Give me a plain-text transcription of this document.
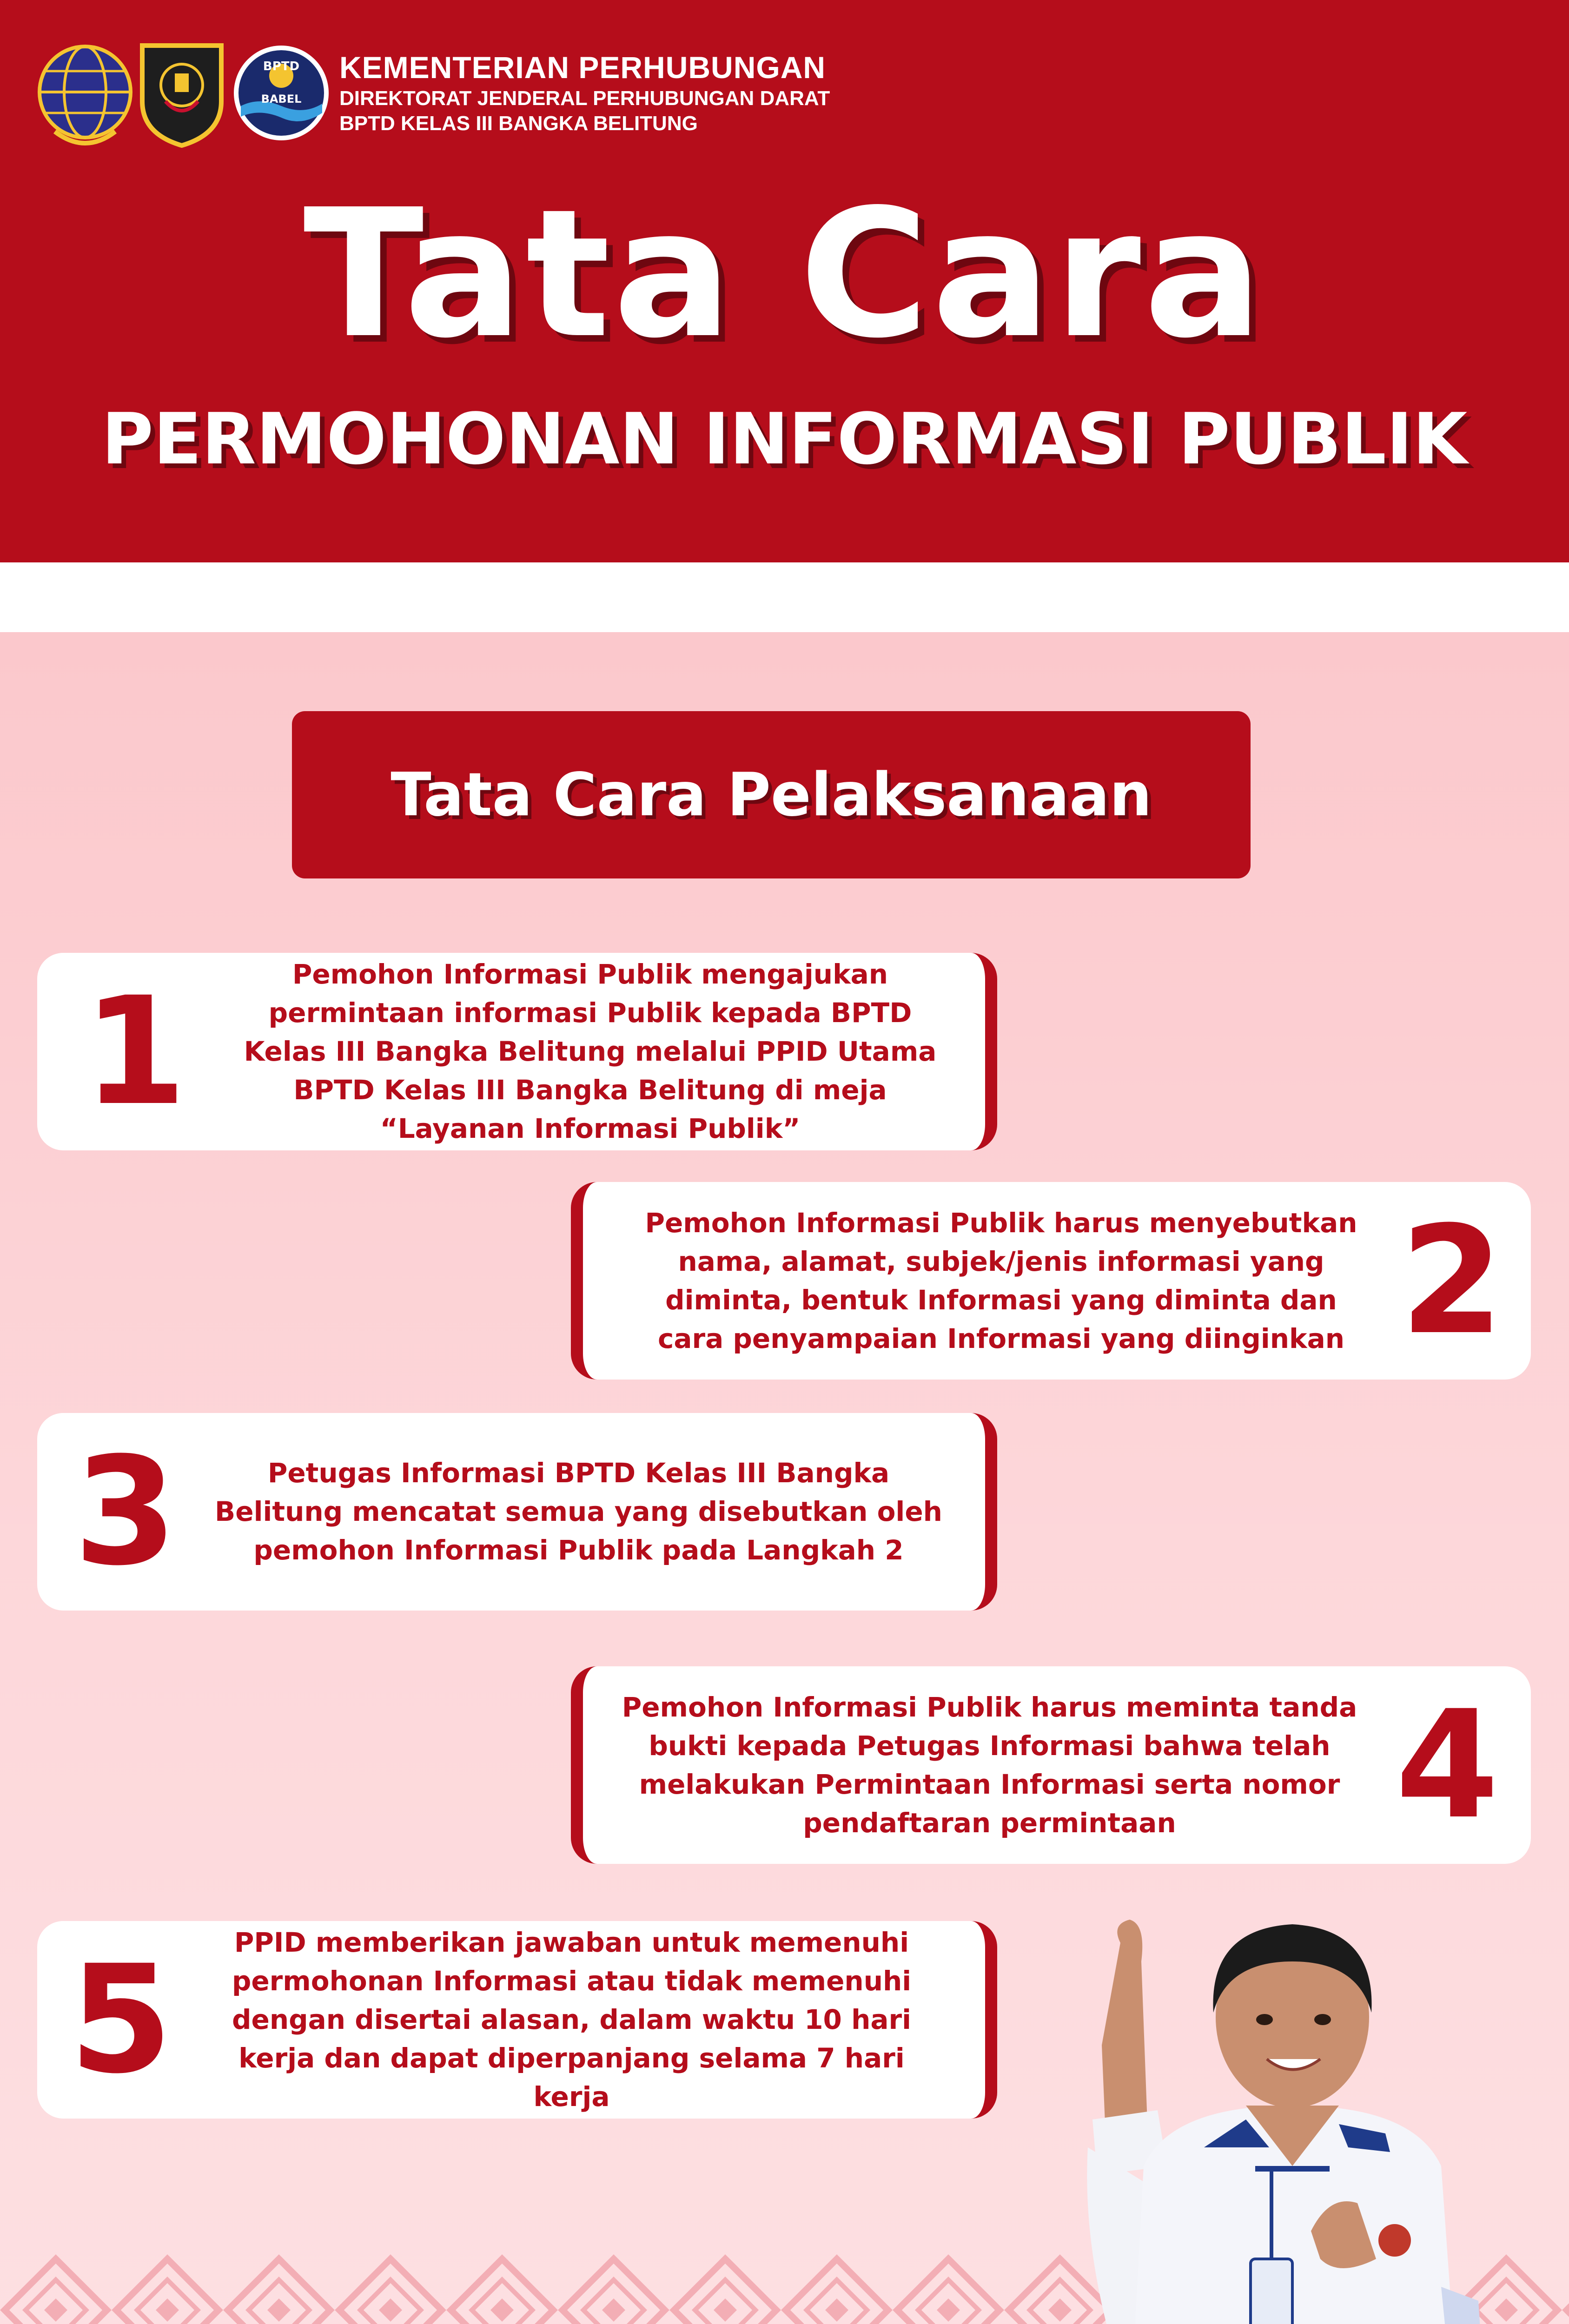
BPTD
BABEL
KEMENTERIAN PERHUBUNGAN
DIREKTORAT JENDERAL PERHUBUNGAN DARAT
BPTD KELAS III BANGKA BELITUNG
Tata Cara
PERMOHONAN INFORMASI PUBLIK
Tata Cara Pelaksanaan
1	Pemohon Informasi Publik mengajukan permintaan informasi Publik kepada BPTD Kelas III Bangka Belitung melalui PPID Utama BPTD Kelas III Bangka Belitung di meja “Layanan Informasi Publik”
Pemohon Informasi Publik harus menyebutkan nama, alamat, subjek/jenis informasi yang diminta, bentuk Informasi yang diminta dan cara penyampaian Informasi yang diinginkan 2
3	Petugas Informasi BPTD Kelas III Bangka Belitung mencatat semua yang disebutkan oleh pemohon Informasi Publik pada Langkah 2
Pemohon Informasi Publik harus meminta tanda bukti kepada Petugas Informasi bahwa telah melakukan Permintaan Informasi serta nomor pendaftaran permintaan	4
5	PPID memberikan jawaban untuk memenuhi permohonan Informasi atau tidak memenuhi dengan disertai alasan, dalam waktu 10 hari kerja dan dapat diperpanjang selama 7 hari kerja
